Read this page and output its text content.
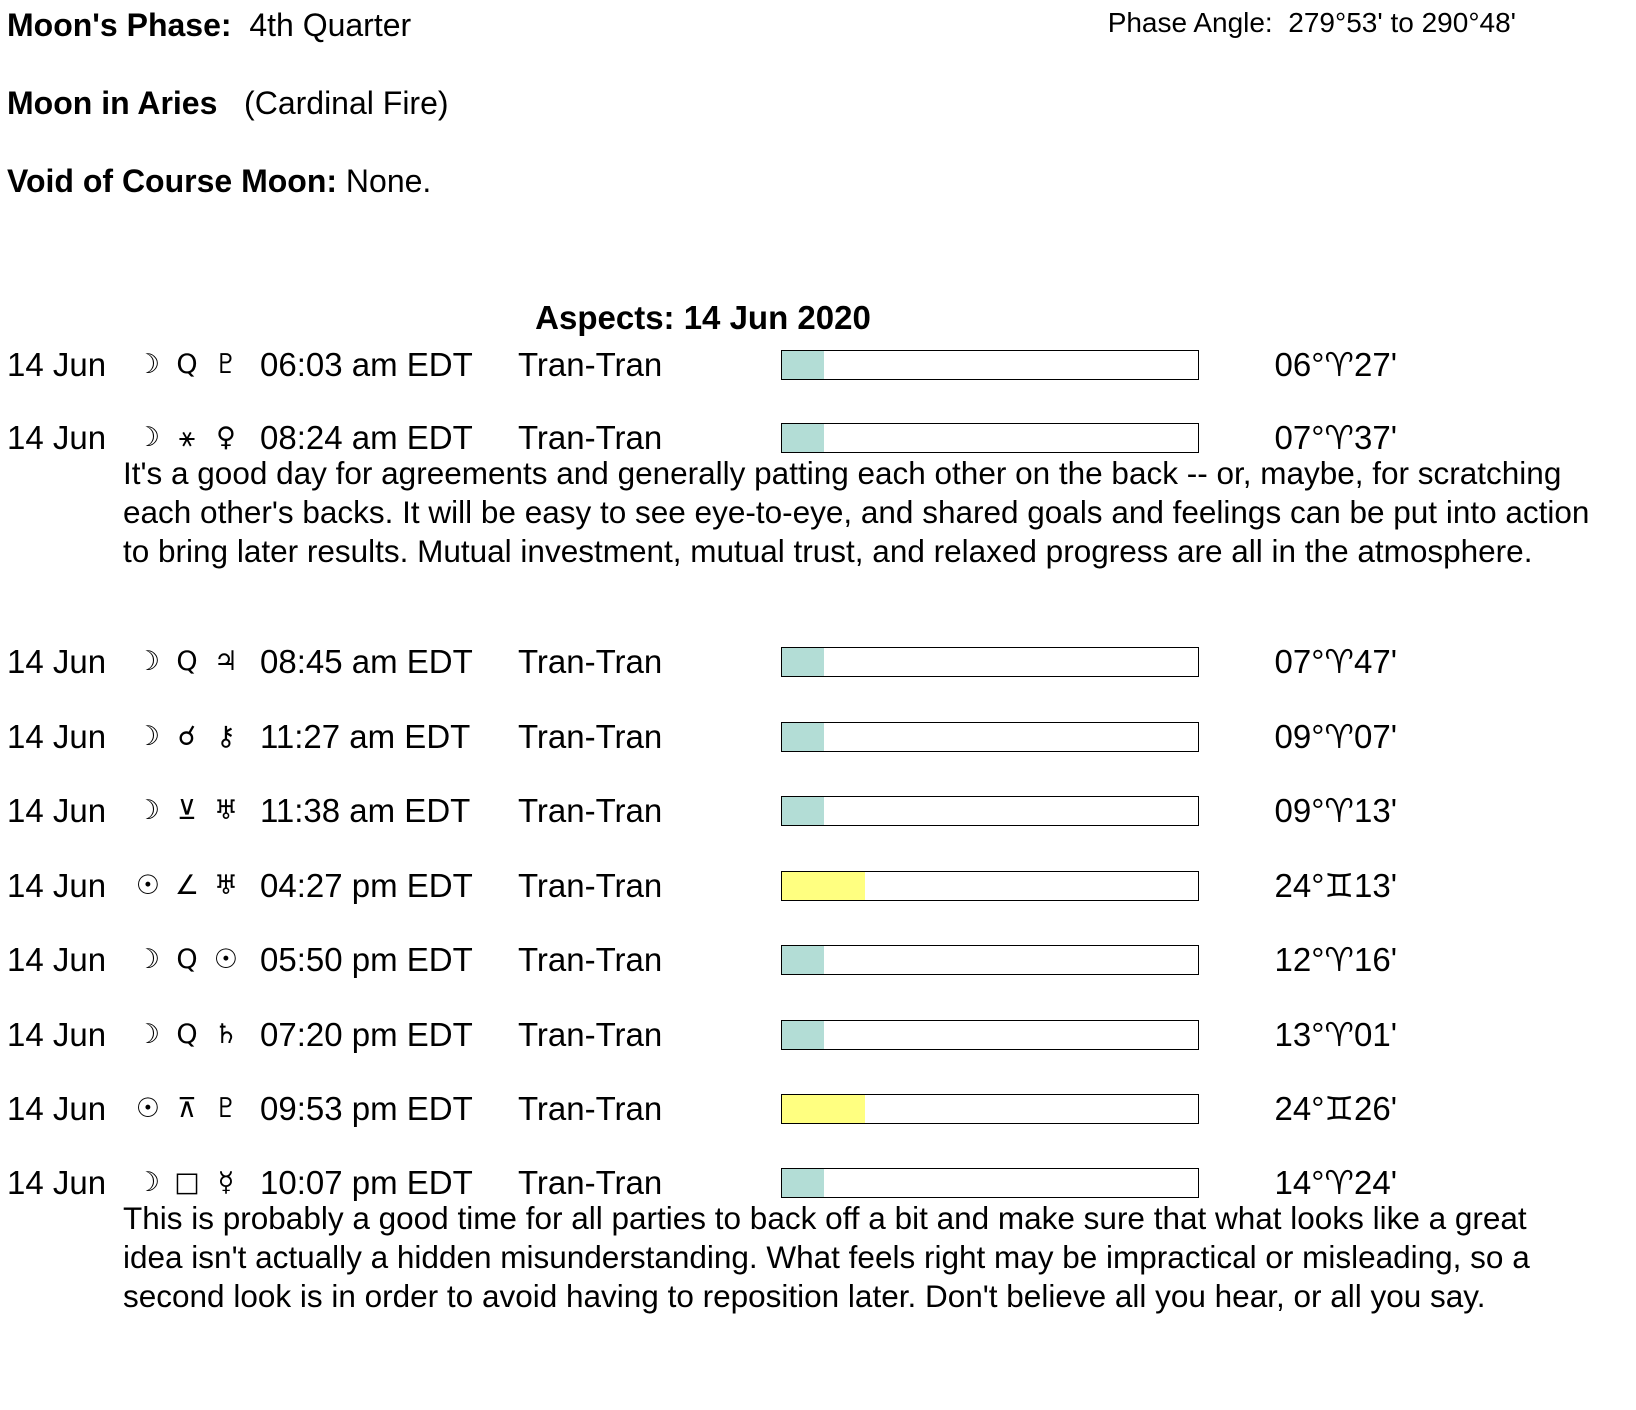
Moon's Phase: 4th Quarter	Phase Angle: 279°53' to 290°48'
Moon in Aries (Cardinal Fire)
Void of Course Moon: None.
Aspects: 14 Jun 2020
14 Jun ☽ Q ♇ 06:03 am EDT Tran-Tran	06°♈27'
14 Jun ☽ ⚹ ♀ 08:24 am EDT Tran-Tran	07°♈37'

It's a good day for agreements and generally patting each other on the back -- or, maybe, for scratching each other's backs. It will be easy to see eye-to-eye, and shared goals and feelings can be put into action to bring later results. Mutual investment, mutual trust, and relaxed progress are all in the atmosphere.

14 Jun ☽ Q ♃ 08:45 am EDT Tran-Tran	07°♈47'
14 Jun ☽ ☌ ⚷ 11:27 am EDT Tran-Tran	09°♈07'
14 Jun ☽ ⊻ ♅ 11:38 am EDT Tran-Tran	09°♈13'
14 Jun ☉ ∠ ♅ 04:27 pm EDT Tran-Tran	24°♊13'
14 Jun ☽ Q ☉ 05:50 pm EDT Tran-Tran	12°♈16'
14 Jun ☽ Q ♄ 07:20 pm EDT Tran-Tran	13°♈01'
14 Jun ☉ ⊼ ♇ 09:53 pm EDT Tran-Tran	24°♊26'
14 Jun ☽ □ ☿ 10:07 pm EDT Tran-Tran	14°♈24'

This is probably a good time for all parties to back off a bit and make sure that what looks like a great idea isn't actually a hidden misunderstanding. What feels right may be impractical or misleading, so a second look is in order to avoid having to reposition later. Don't believe all you hear, or all you say.
